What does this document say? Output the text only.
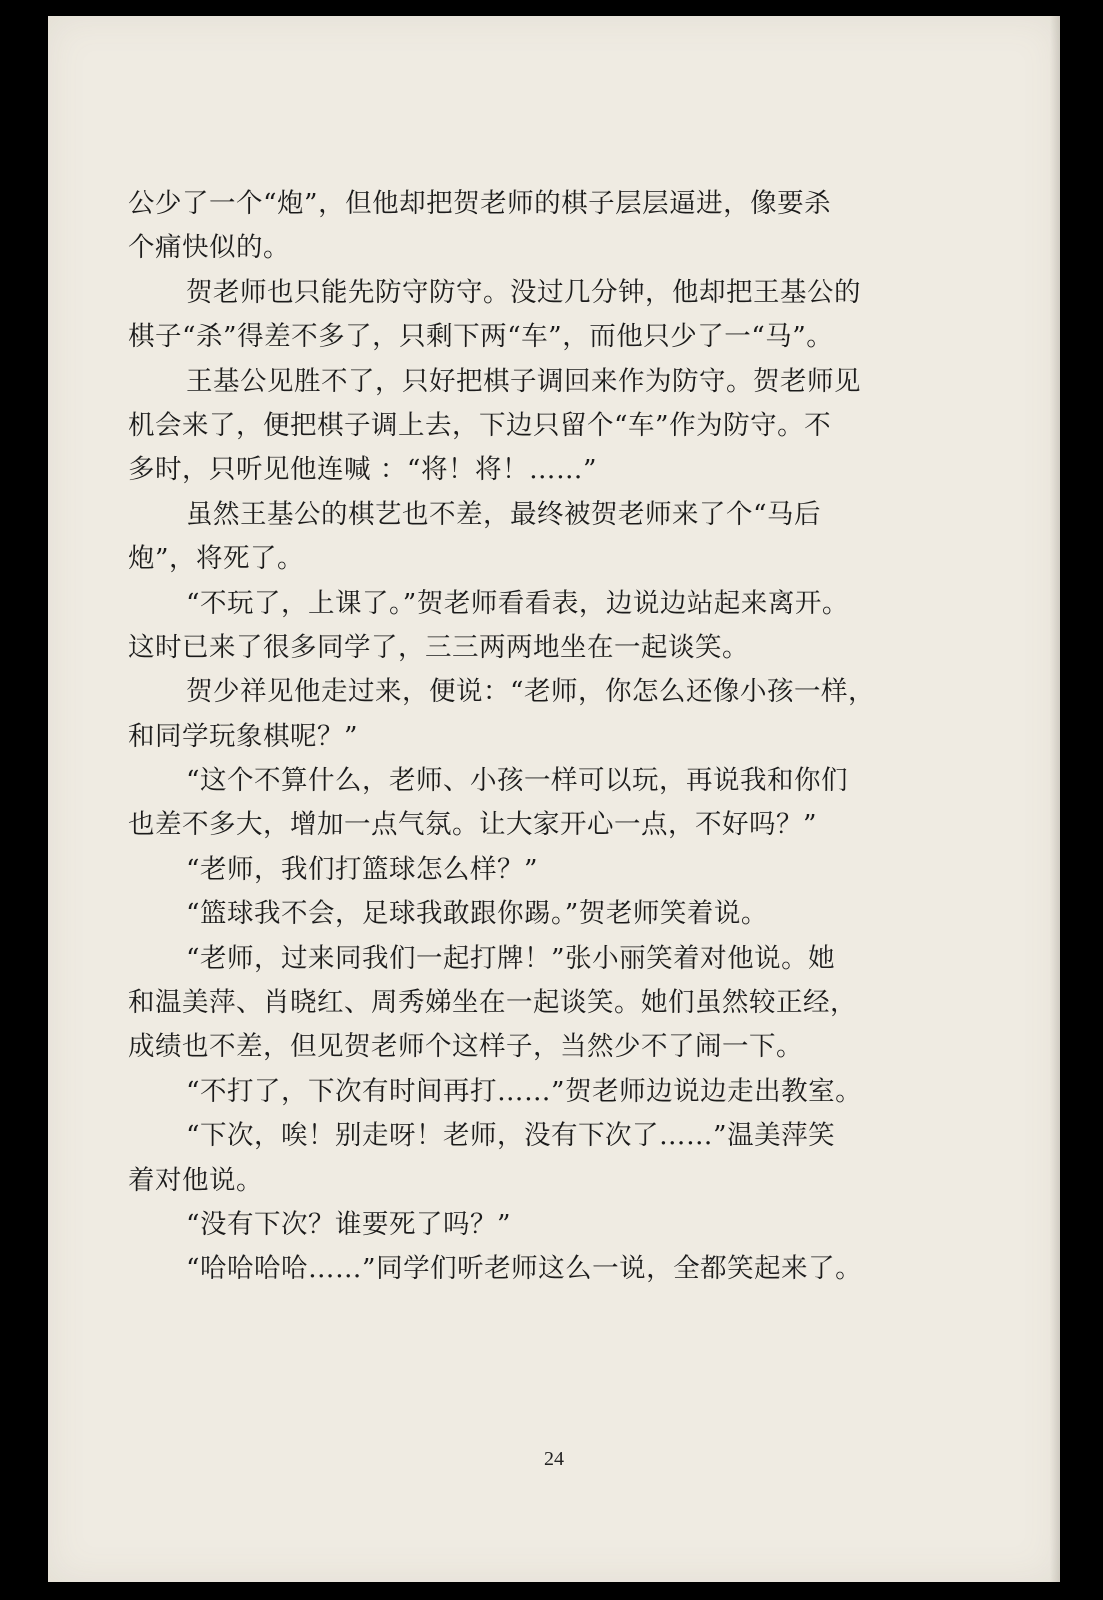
公少了一个“炮”，但他却把贺老师的棋子层层逼进，像要杀
个痛快似的。
贺老师也只能先防守防守。没过几分钟，他却把王基公的
棋子“杀”得差不多了，只剩下两“车”，而他只少了一“马”。
王基公见胜不了，只好把棋子调回来作为防守。贺老师见
机会来了，便把棋子调上去，下边只留个“车”作为防守。不
多时，只听见他连喊 ：“将！将！……”
虽然王基公的棋艺也不差，最终被贺老师来了个“马后
炮”，将死了。
“不玩了，上课了。”贺老师看看表，边说边站起来离开。
这时已来了很多同学了，三三两两地坐在一起谈笑。
贺少祥见他走过来，便说：“老师，你怎么还像小孩一样，
和同学玩象棋呢？”
“这个不算什么，老师、小孩一样可以玩，再说我和你们
也差不多大，增加一点气氛。让大家开心一点，不好吗？”
“老师，我们打篮球怎么样？”
“篮球我不会，足球我敢跟你踢。”贺老师笑着说。
“老师，过来同我们一起打牌！”张小丽笑着对他说。她
和温美萍、肖晓红、周秀娣坐在一起谈笑。她们虽然较正经，
成绩也不差，但见贺老师个这样子，当然少不了闹一下。
“不打了，下次有时间再打……”贺老师边说边走出教室。
“下次，唉！别走呀！老师，没有下次了……”温美萍笑
着对他说。
“没有下次？谁要死了吗？”
“哈哈哈哈……”同学们听老师这么一说，全都笑起来了。
24
